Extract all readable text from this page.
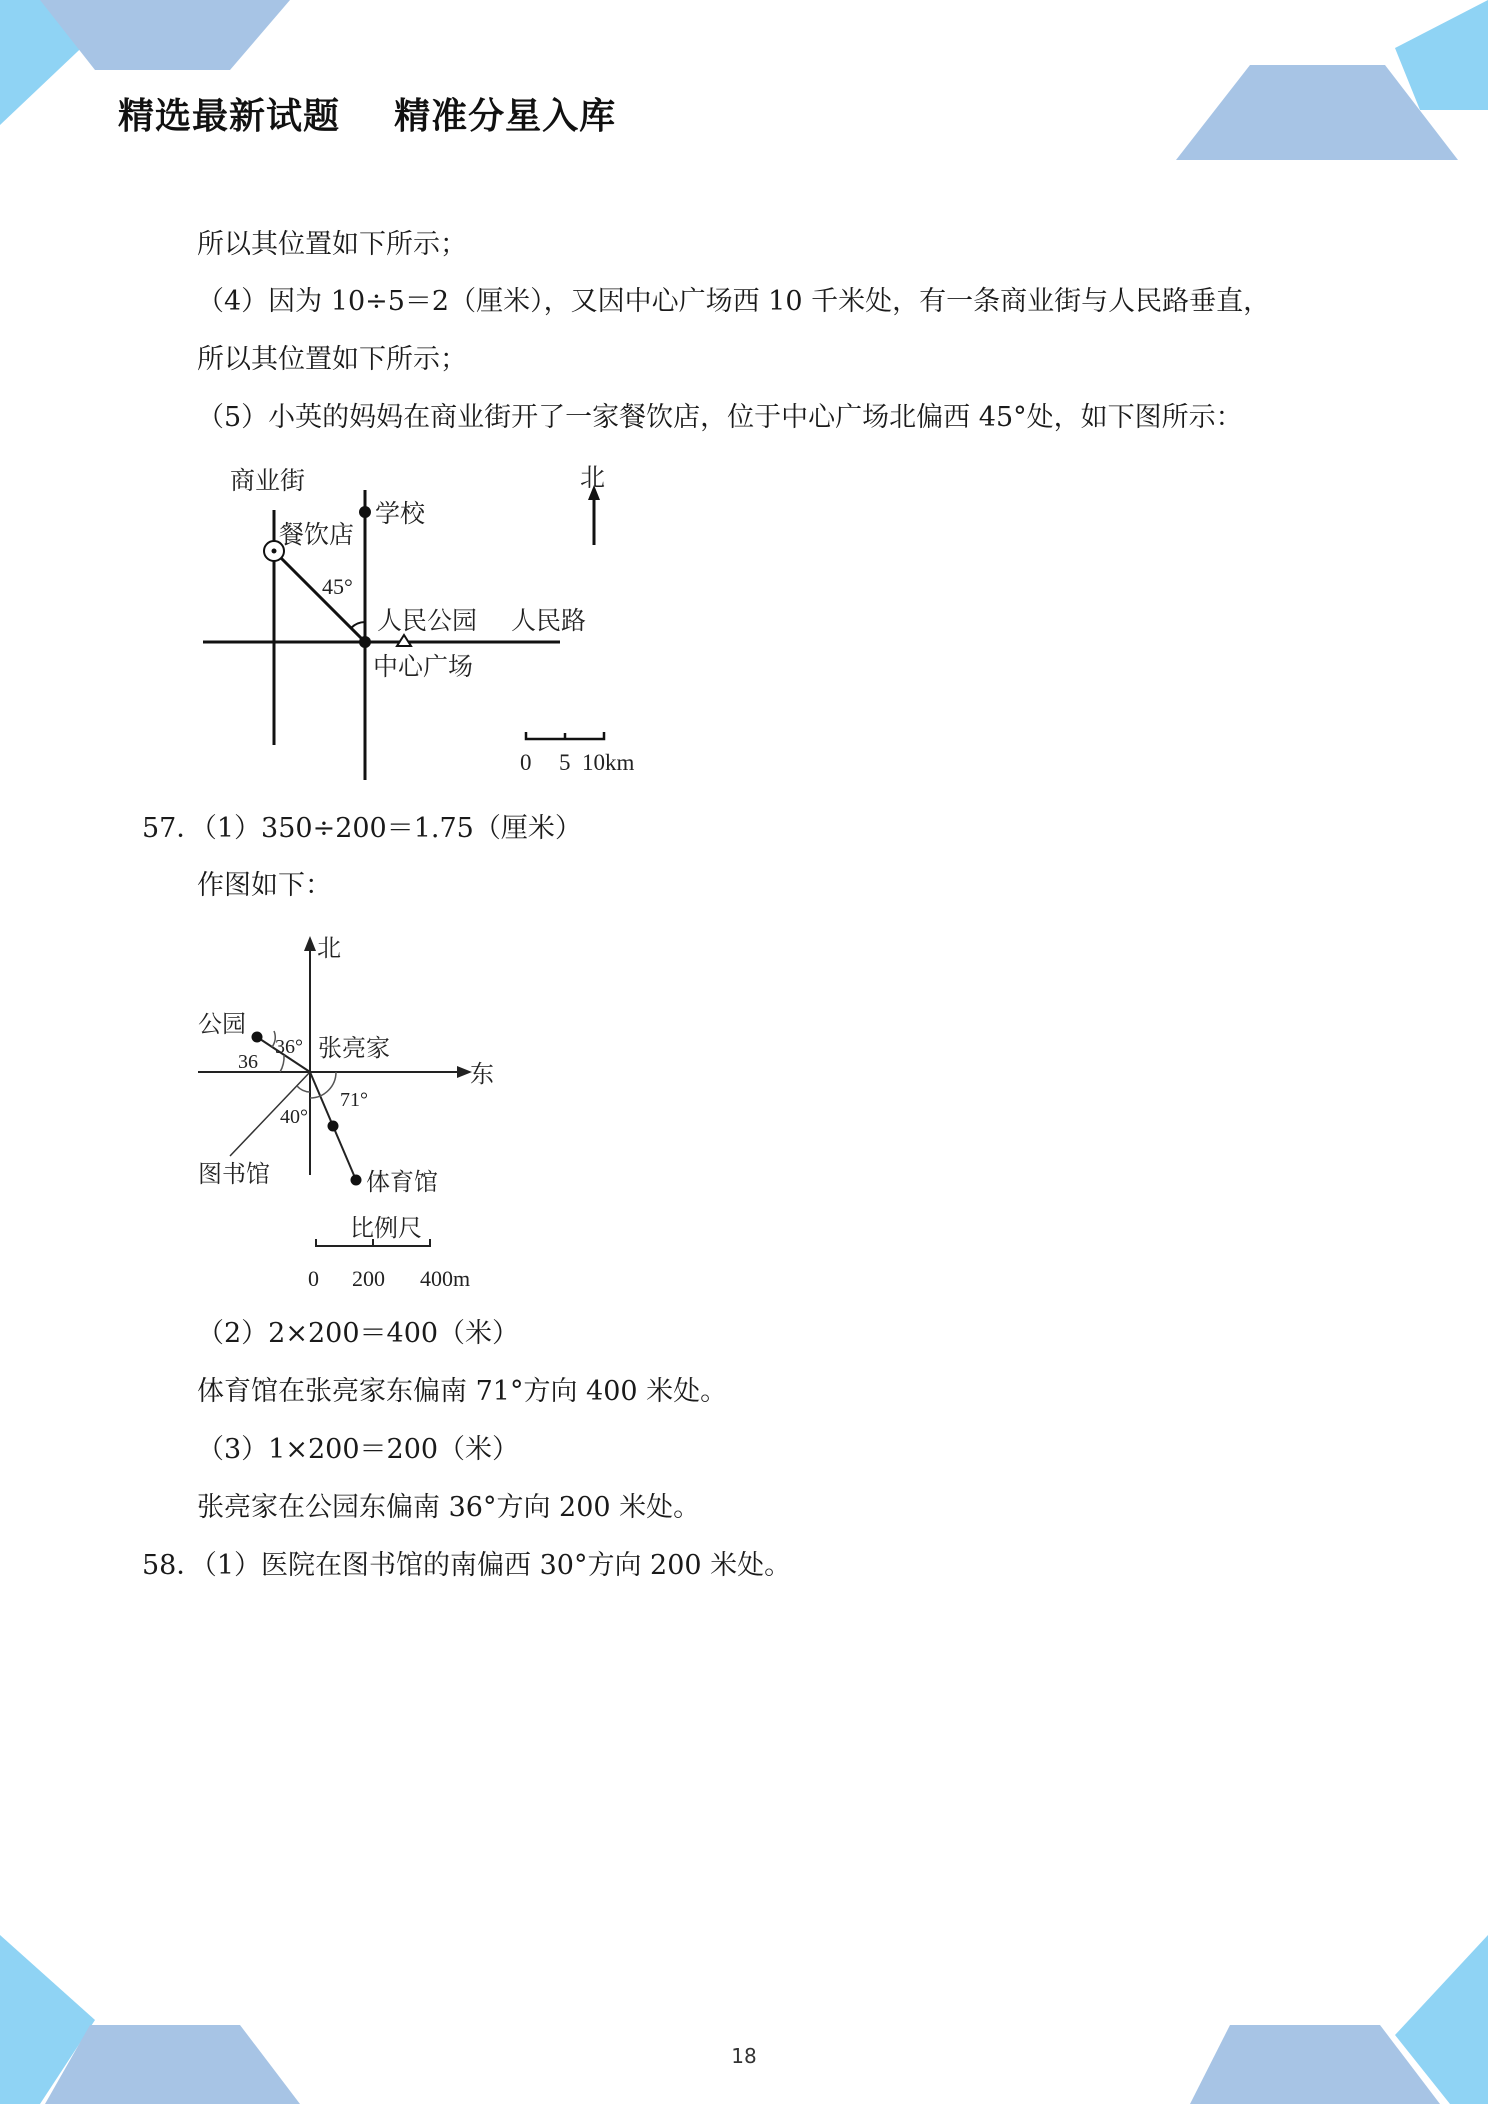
精选最新试题    精准分星入库
所以其位置如下所示；
（4）因为 10÷5＝2（厘米），又因中心广场西 10 千米处，有一条商业街与人民路垂直，
所以其位置如下所示；
（5）小英的妈妈在商业街开了一家餐饮店，位于中心广场北偏西 45°处，如下图所示：
商业街
学校
餐饮店
北
45°
人民公园 人民路
中心广场
0 5 10km
57．（1）350÷200＝1.75（厘米）
作图如下：
北
东
公园
36°
36	张亮家
40°
71°
图书馆	体育馆
比例尺
0 200 400m
（2）2×200＝400（米）
体育馆在张亮家东偏南 71°方向 400 米处。
（3）1×200＝200（米）
张亮家在公园东偏南 36°方向 200 米处。
58．（1）医院在图书馆的南偏西 30°方向 200 米处。
18
